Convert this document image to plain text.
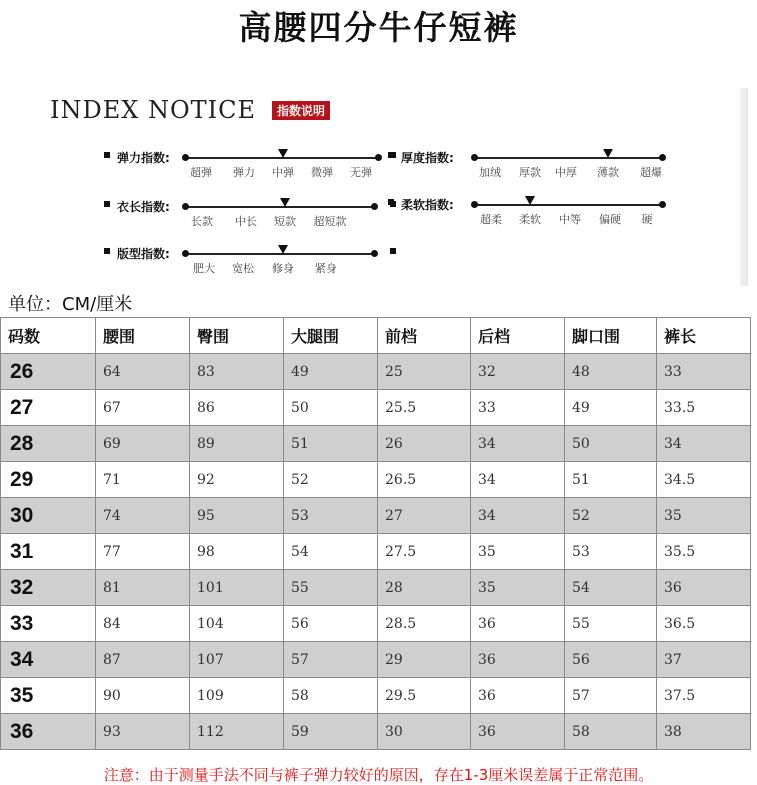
高腰四分牛仔短裤
INDEX NOTICE	指数说明
弹力指数:
超弹 弹力 中弹 微弹 无弹
衣长指数:
长款 中长 短款 超短款
版型指数:
肥大 宽松 修身 紧身
厚度指数:
加绒 厚款 中厚 薄款 超爆
柔软指数:
超柔 柔软 中等 偏硬 硬
单位：CM/厘米
码数	腰围	臀围	大腿围	前档	后档	脚口围	裤长
26	64	83	49	25	32	48	33
27	67	86	50	25.5	33	49	33.5
28	69	89	51	26	34	50	34
29	71	92	52	26.5	34	51	34.5
30	74	95	53	27	34	52	35
31	77	98	54	27.5	35	53	35.5
32	81	101	55	28	35	54	36
33	84	104	56	28.5	36	55	36.5
34	87	107	57	29	36	56	37
35	90	109	58	29.5	36	57	37.5
36	93	112	59	30	36	58	38
注意：由于测量手法不同与裤子弹力较好的原因，存在1-3厘米误差属于正常范围。
